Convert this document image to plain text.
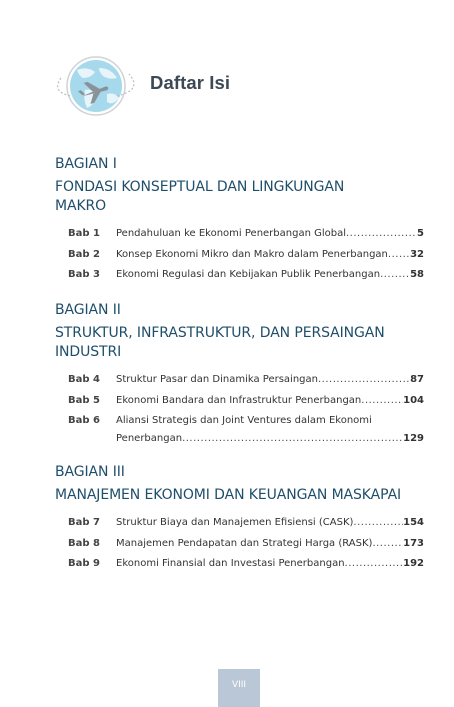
Daftar Isi
BAGIAN I
FONDASI KONSEPTUAL DAN LINGKUNGAN MAKRO
Bab 1	Pendahuluan ke Ekonomi Penerbangan Global .....	5
Bab 2	Konsep Ekonomi Mikro dan Makro dalam Penerbangan ..... 32
Bab 3	Ekonomi Regulasi dan Kebijakan Publik Penerbangan .....	58
BAGIAN II
STRUKTUR, INFRASTRUKTUR, DAN PERSAINGAN INDUSTRI
Bab 4	Struktur Pasar dan Dinamika Persaingan .....	87
Bab 5	Ekonomi Bandara dan Infrastruktur Penerbangan .....	104
Bab 6	Aliansi Strategis dan Joint Ventures dalam Ekonomi
Penerbangan .....	129
BAGIAN III
MANAJEMEN EKONOMI DAN KEUANGAN MASKAPAI
Bab 7	Struktur Biaya dan Manajemen Efisiensi (CASK) .....	154
Bab 8	Manajemen Pendapatan dan Strategi Harga (RASK) .....	173
Bab 9	Ekonomi Finansial dan Investasi Penerbangan .....	192
VIII
